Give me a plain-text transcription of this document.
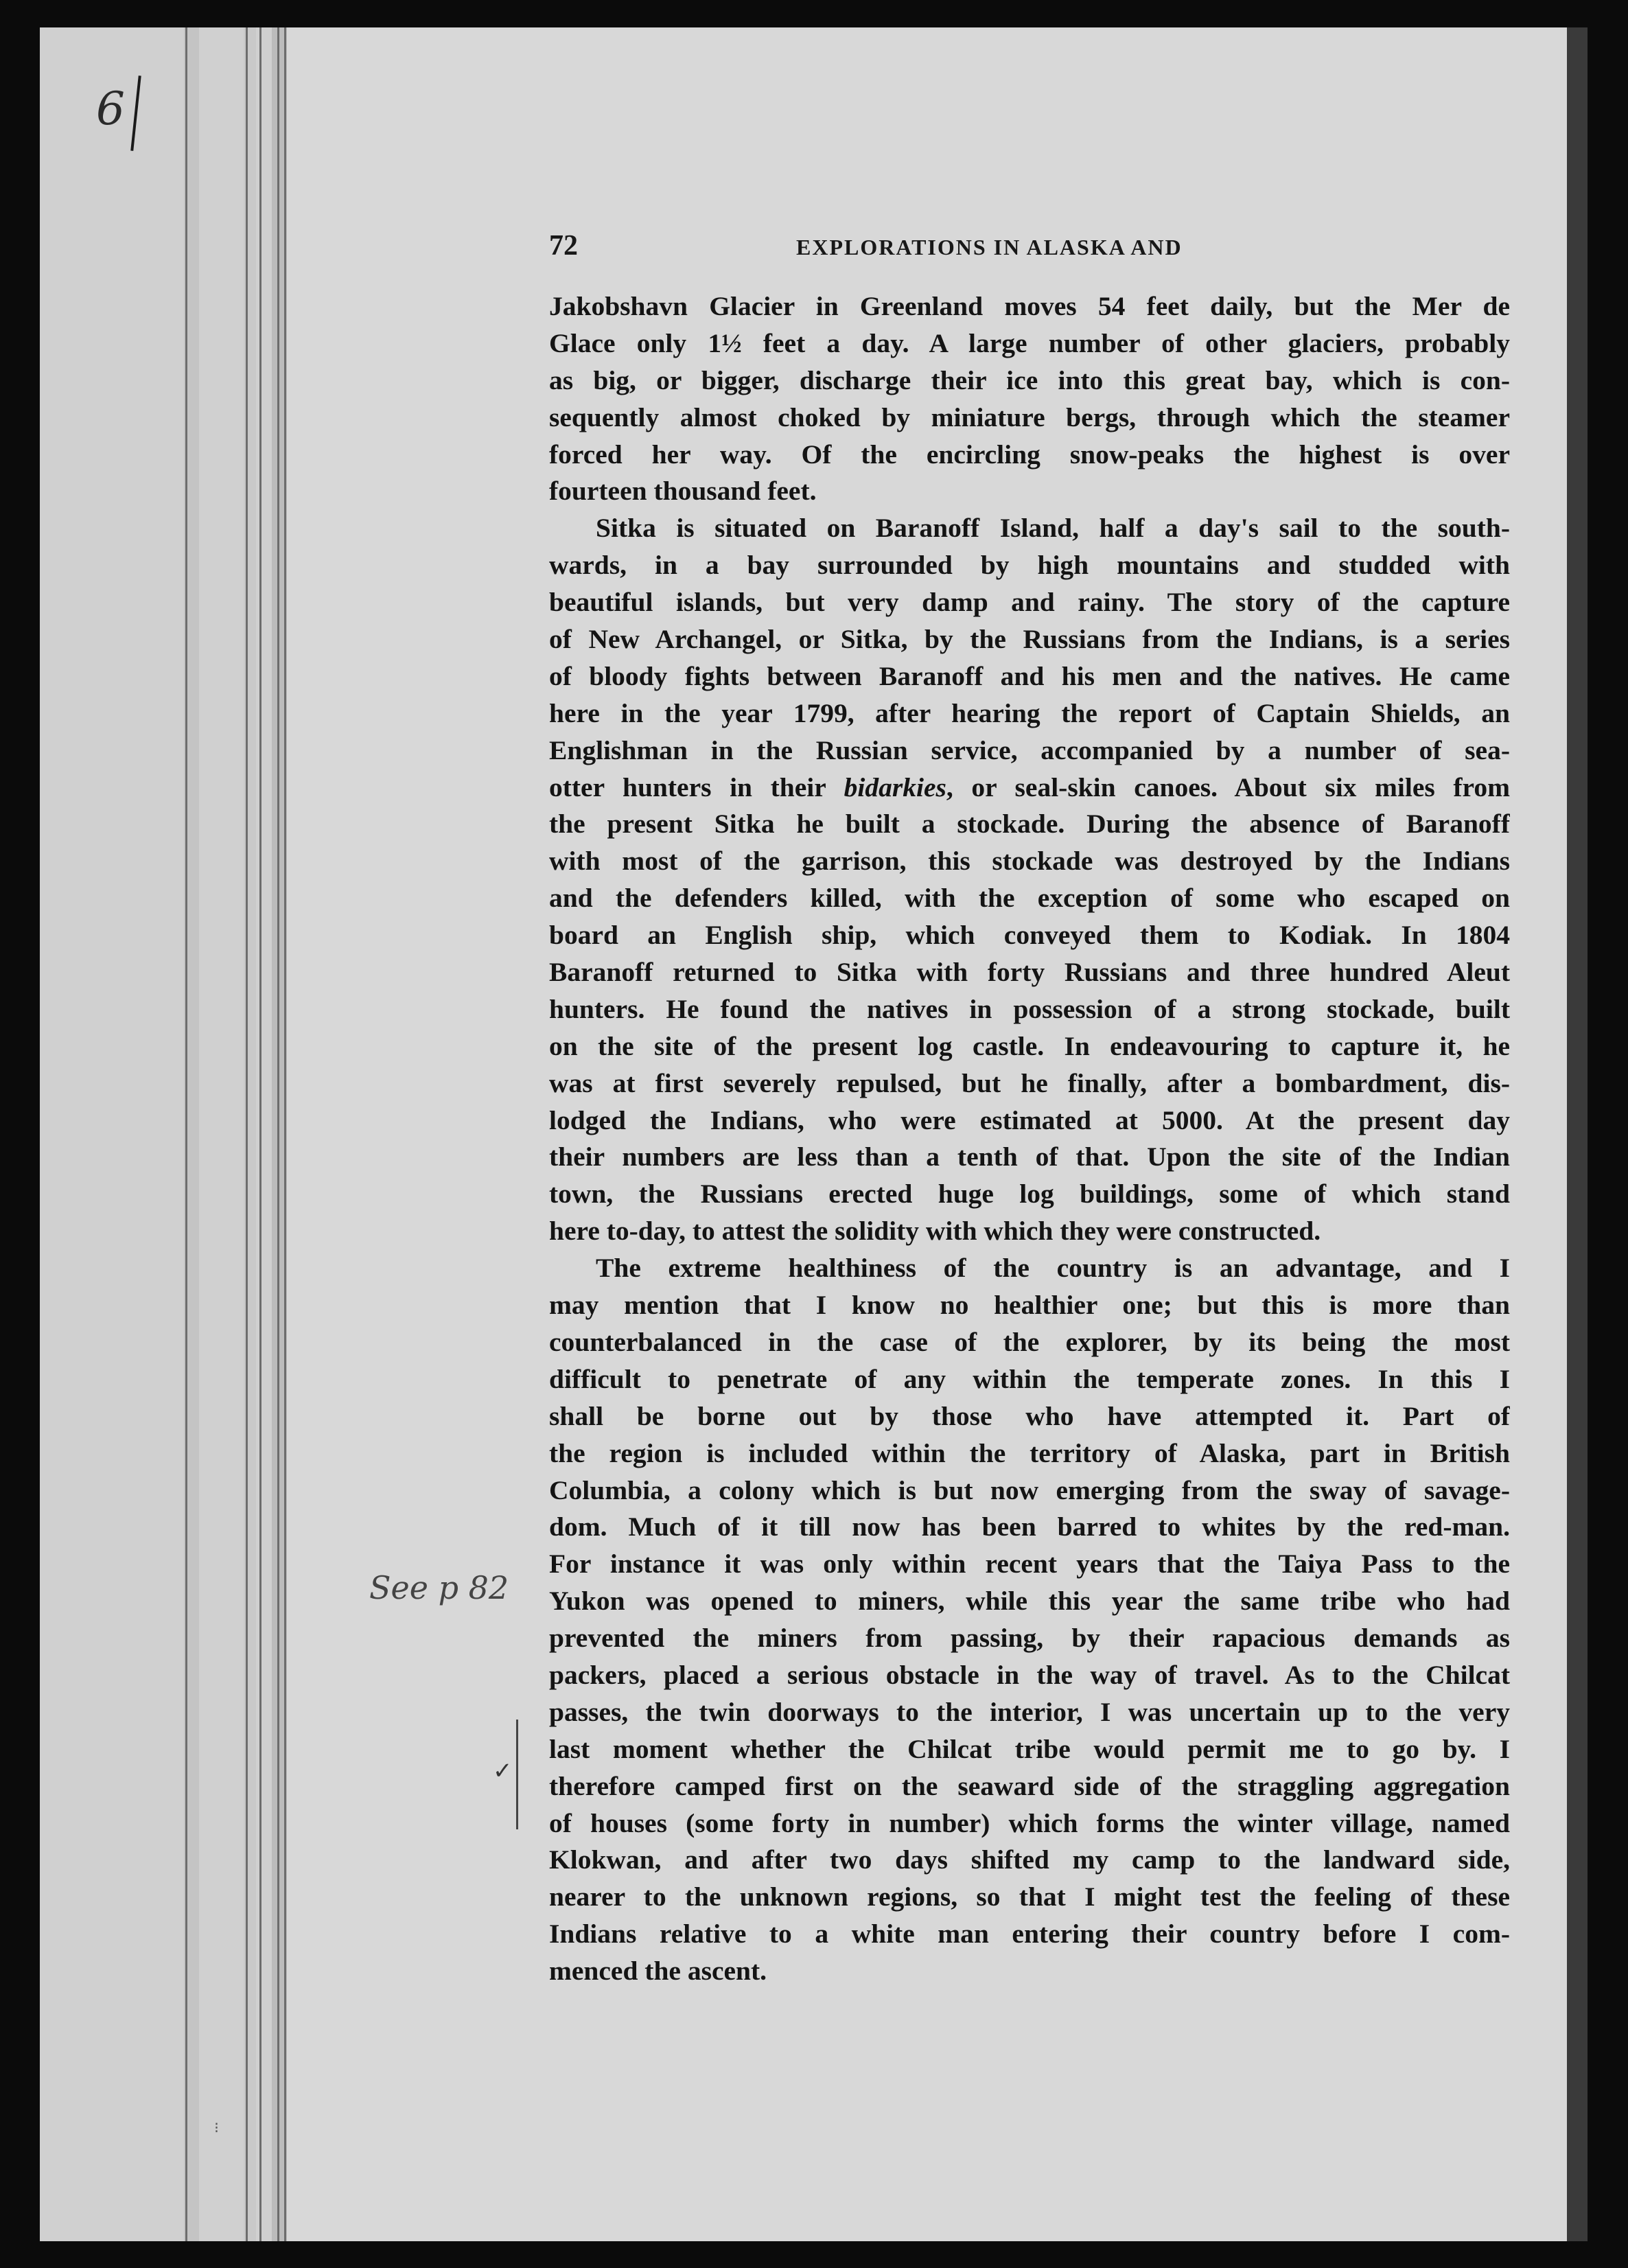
6
72	EXPLORATIONS IN ALASKA AND
Jakobshavn Glacier in Greenland moves 54 feet daily, but the Mer de
Glace only 1½ feet a day. A large number of other glaciers, probably
as big, or bigger, discharge their ice into this great bay, which is con-
sequently almost choked by miniature bergs, through which the steamer
forced her way. Of the encircling snow-peaks the highest is over
fourteen thousand feet.
Sitka is situated on Baranoff Island, half a day's sail to the south-
wards, in a bay surrounded by high mountains and studded with
beautiful islands, but very damp and rainy. The story of the capture
of New Archangel, or Sitka, by the Russians from the Indians, is a series
of bloody fights between Baranoff and his men and the natives. He came
here in the year 1799, after hearing the report of Captain Shields, an
Englishman in the Russian service, accompanied by a number of sea-
otter hunters in their bidarkies, or seal-skin canoes. About six miles from
the present Sitka he built a stockade. During the absence of Baranoff
with most of the garrison, this stockade was destroyed by the Indians
and the defenders killed, with the exception of some who escaped on
board an English ship, which conveyed them to Kodiak. In 1804
Baranoff returned to Sitka with forty Russians and three hundred Aleut
hunters. He found the natives in possession of a strong stockade, built
on the site of the present log castle. In endeavouring to capture it, he
was at first severely repulsed, but he finally, after a bombardment, dis-
lodged the Indians, who were estimated at 5000. At the present day
their numbers are less than a tenth of that. Upon the site of the Indian
town, the Russians erected huge log buildings, some of which stand
here to-day, to attest the solidity with which they were constructed.
The extreme healthiness of the country is an advantage, and I
may mention that I know no healthier one; but this is more than
counterbalanced in the case of the explorer, by its being the most
difficult to penetrate of any within the temperate zones. In this I
shall be borne out by those who have attempted it. Part of
the region is included within the territory of Alaska, part in British
Columbia, a colony which is but now emerging from the sway of savage-
dom. Much of it till now has been barred to whites by the red-man.
For instance it was only within recent years that the Taiya Pass to the
Yukon was opened to miners, while this year the same tribe who had
prevented the miners from passing, by their rapacious demands as
packers, placed a serious obstacle in the way of travel. As to the Chilcat
passes, the twin doorways to the interior, I was uncertain up to the very
last moment whether the Chilcat tribe would permit me to go by. I
therefore camped first on the seaward side of the straggling aggregation
of houses (some forty in number) which forms the winter village, named
Klokwan, and after two days shifted my camp to the landward side,
nearer to the unknown regions, so that I might test the feeling of these
Indians relative to a white man entering their country before I com-
menced the ascent.
See p 82
✓
⁝
